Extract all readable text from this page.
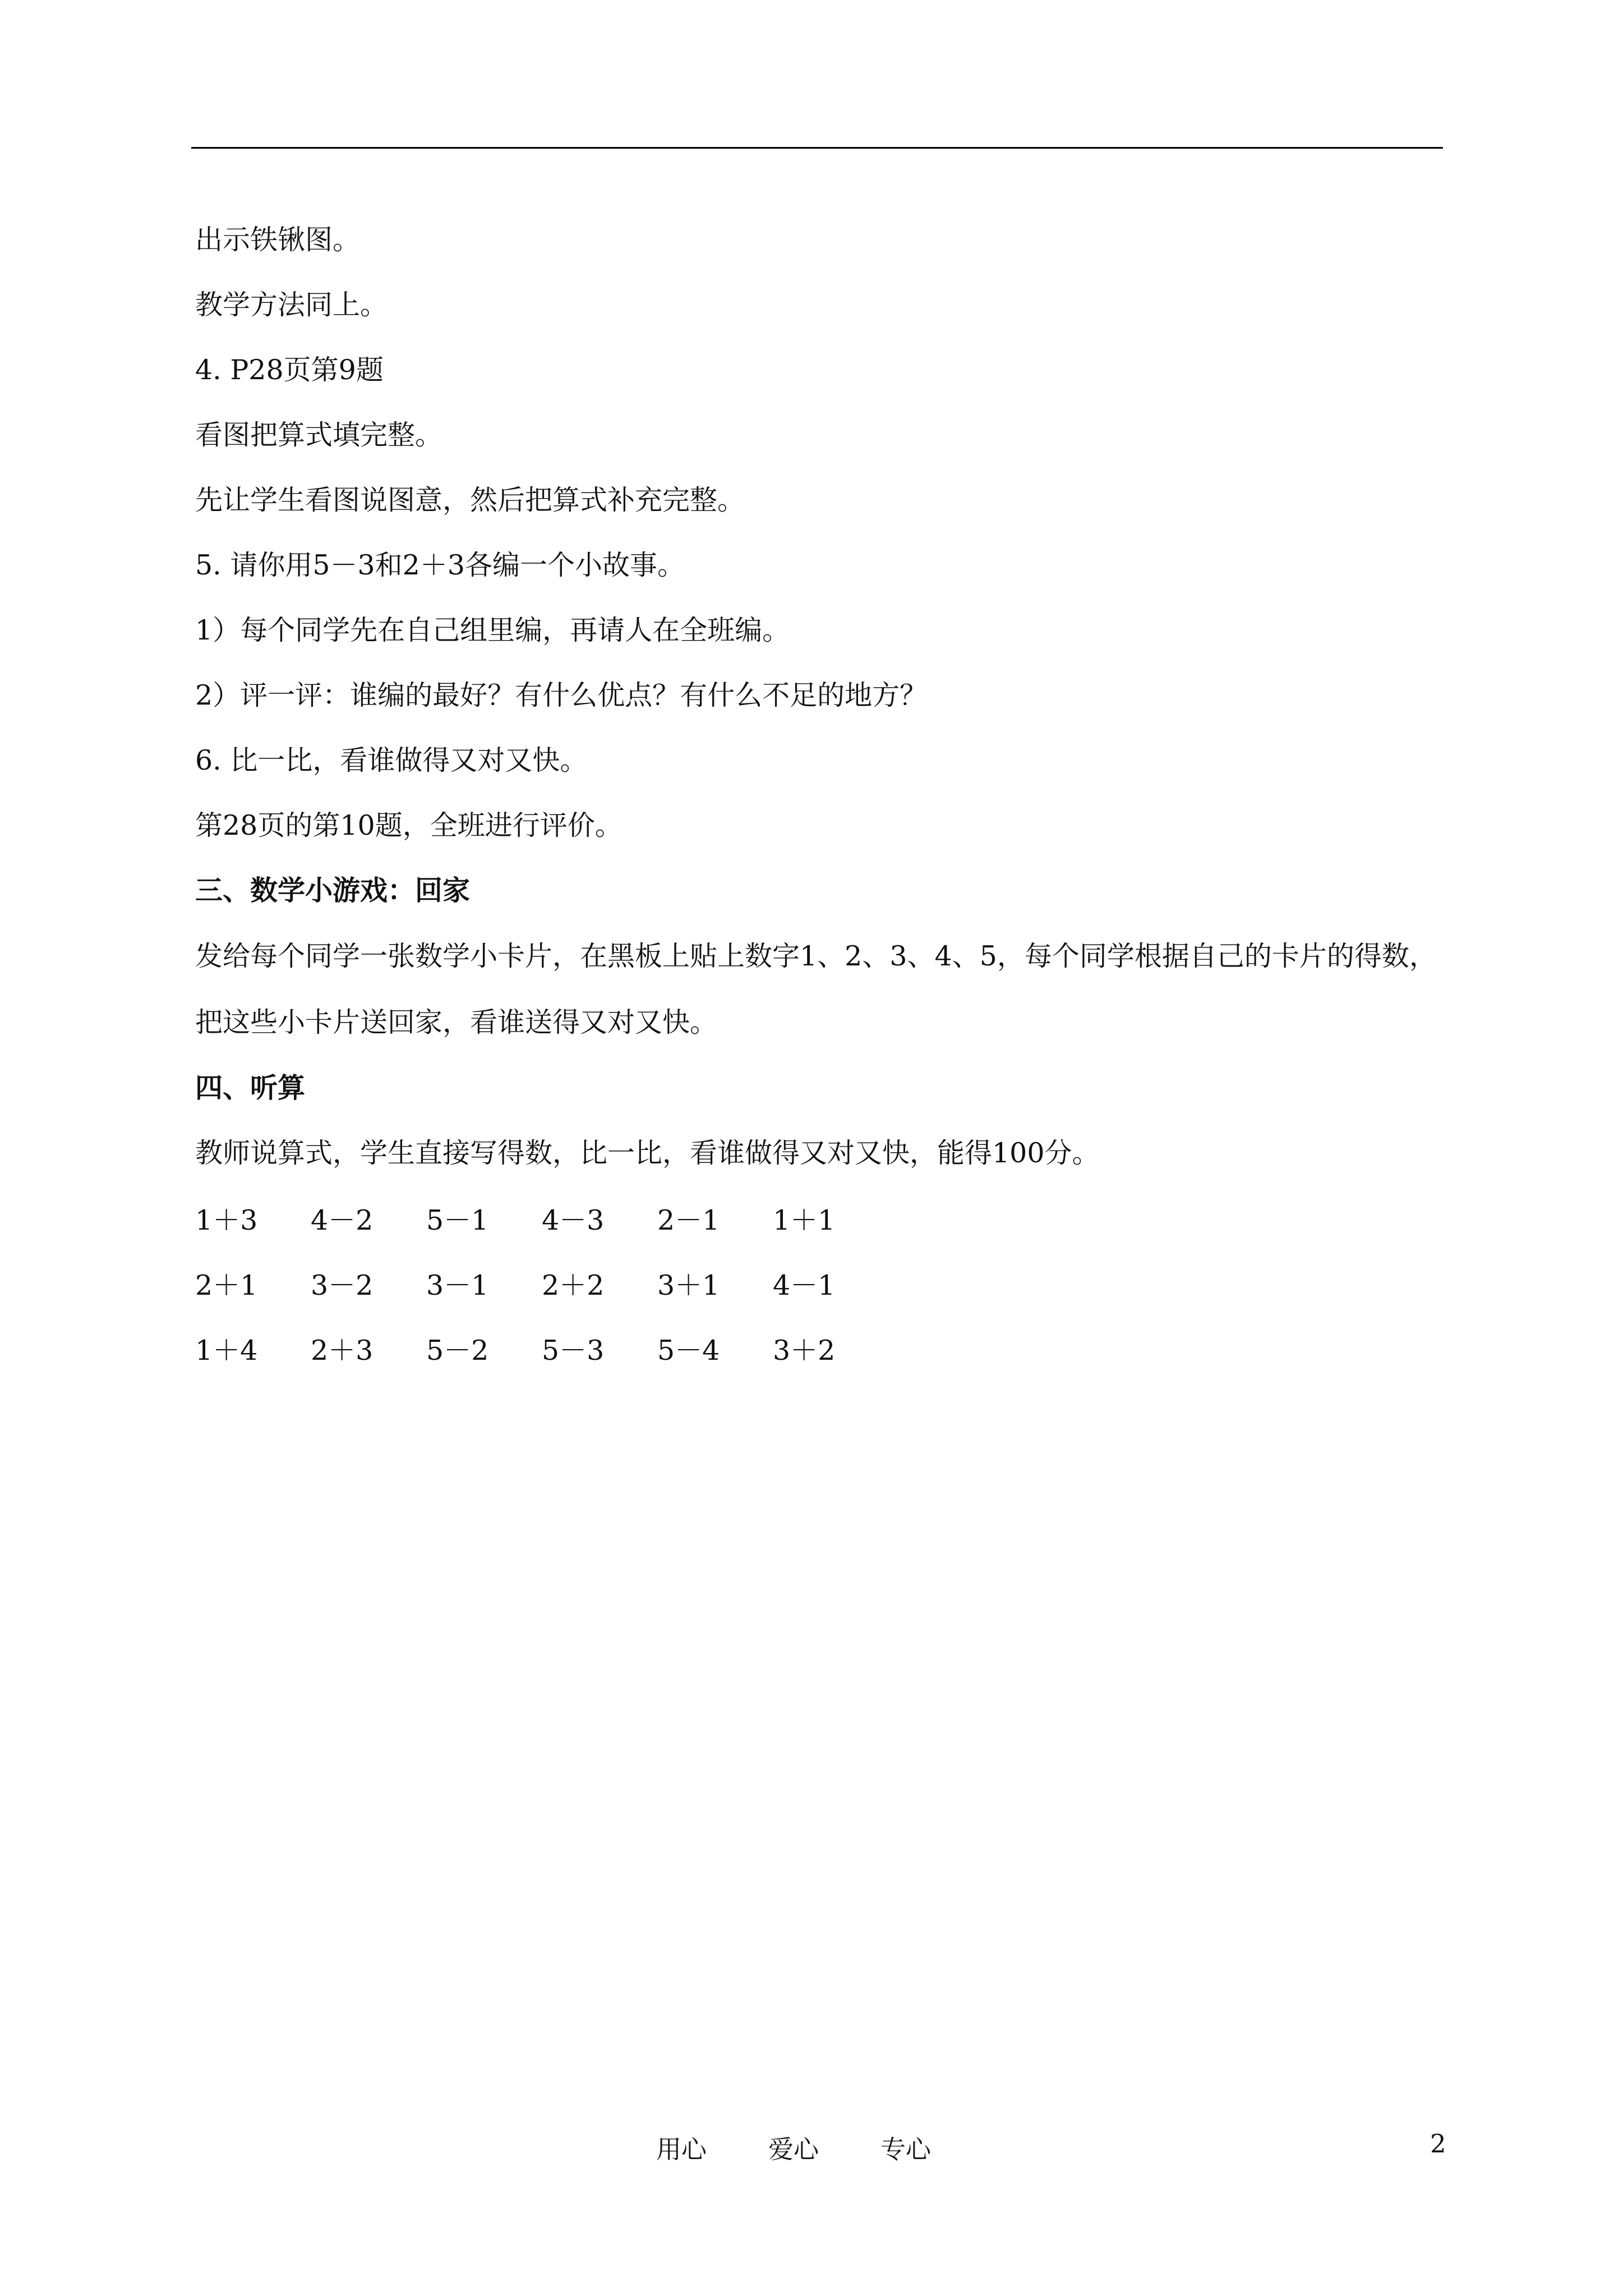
出示铁锹图。

教学方法同上。

4. P28页第9题

看图把算式填完整。

先让学生看图说图意，然后把算式补充完整。

5. 请你用5－3和2＋3各编一个小故事。

1）每个同学先在自己组里编，再请人在全班编。

2）评一评：谁编的最好？有什么优点？有什么不足的地方？

6. 比一比，看谁做得又对又快。

第28页的第10题，全班进行评价。

三、数学小游戏：回家

发给每个同学一张数学小卡片，在黑板上贴上数字1、2、3、4、5，每个同学根据自己的卡片的得数，把这些小卡片送回家，看谁送得又对又快。

四、听算

教师说算式，学生直接写得数，比一比，看谁做得又对又快，能得100分。

1＋3	4－2	5－1	4－3	2－1	1＋1
2＋1	3－2	3－1	2＋2	3＋1	4－1
1＋4	2＋3	5－2	5－3	5－4	3＋2
用心	爱心	专心	2
